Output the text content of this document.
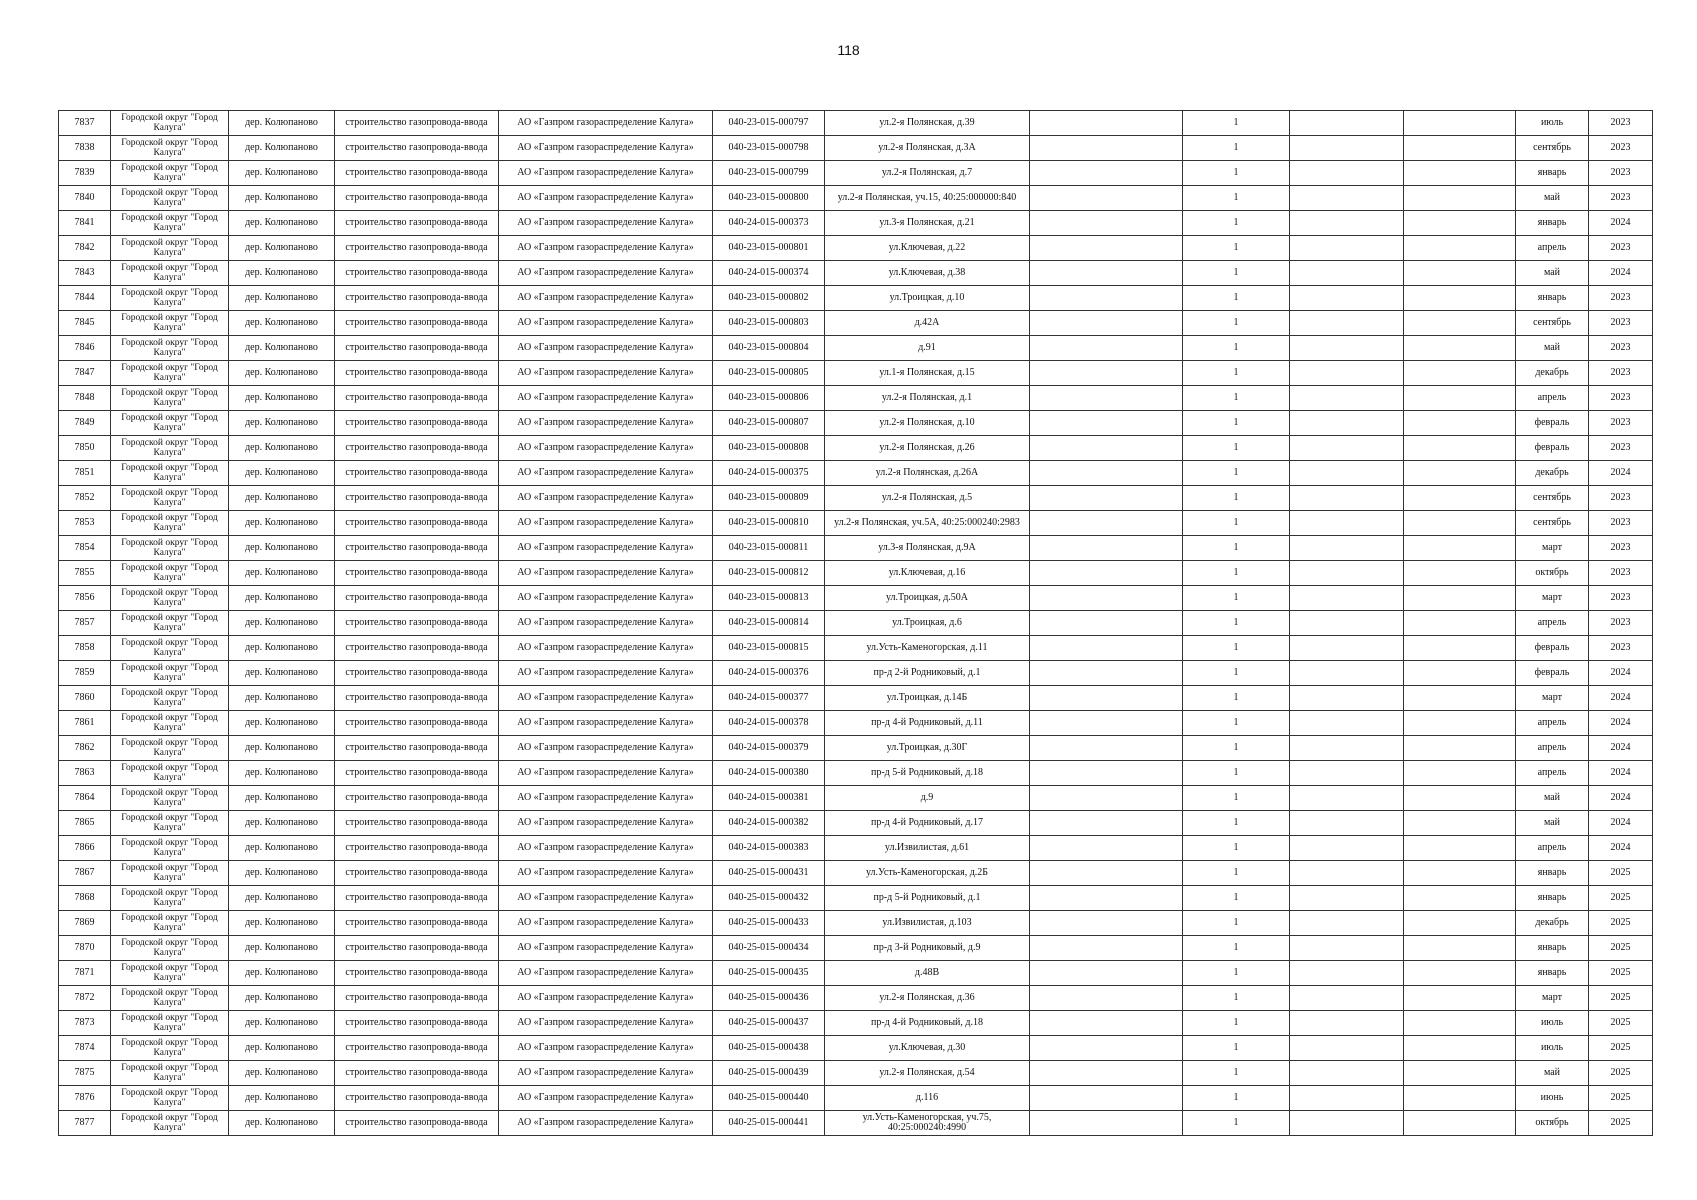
118
7837	Городской округ "Город Калуга"	дер. Колюпаново	строительство газопровода-ввода	АО «Газпром газораспределение Калуга»	040-23-015-000797	ул.2-я Полянская, д.39		1			июль	2023
7838	Городской округ "Город Калуга"	дер. Колюпаново	строительство газопровода-ввода	АО «Газпром газораспределение Калуга»	040-23-015-000798	ул.2-я Полянская, д.3А		1			сентябрь	2023
7839	Городской округ "Город Калуга"	дер. Колюпаново	строительство газопровода-ввода	АО «Газпром газораспределение Калуга»	040-23-015-000799	ул.2-я Полянская, д.7		1			январь	2023
7840	Городской округ "Город Калуга"	дер. Колюпаново	строительство газопровода-ввода	АО «Газпром газораспределение Калуга»	040-23-015-000800	ул.2-я Полянская, уч.15, 40:25:000000:840		1			май	2023
7841	Городской округ "Город Калуга"	дер. Колюпаново	строительство газопровода-ввода	АО «Газпром газораспределение Калуга»	040-24-015-000373	ул.3-я Полянская, д.21		1			январь	2024
7842	Городской округ "Город Калуга"	дер. Колюпаново	строительство газопровода-ввода	АО «Газпром газораспределение Калуга»	040-23-015-000801	ул.Ключевая, д.22		1			апрель	2023
7843	Городской округ "Город Калуга"	дер. Колюпаново	строительство газопровода-ввода	АО «Газпром газораспределение Калуга»	040-24-015-000374	ул.Ключевая, д.38		1			май	2024
7844	Городской округ "Город Калуга"	дер. Колюпаново	строительство газопровода-ввода	АО «Газпром газораспределение Калуга»	040-23-015-000802	ул.Троицкая, д.10		1			январь	2023
7845	Городской округ "Город Калуга"	дер. Колюпаново	строительство газопровода-ввода	АО «Газпром газораспределение Калуга»	040-23-015-000803	д.42А		1			сентябрь	2023
7846	Городской округ "Город Калуга"	дер. Колюпаново	строительство газопровода-ввода	АО «Газпром газораспределение Калуга»	040-23-015-000804	д.91		1			май	2023
7847	Городской округ "Город Калуга"	дер. Колюпаново	строительство газопровода-ввода	АО «Газпром газораспределение Калуга»	040-23-015-000805	ул.1-я Полянская, д.15		1			декабрь	2023
7848	Городской округ "Город Калуга"	дер. Колюпаново	строительство газопровода-ввода	АО «Газпром газораспределение Калуга»	040-23-015-000806	ул.2-я Полянская, д.1		1			апрель	2023
7849	Городской округ "Город Калуга"	дер. Колюпаново	строительство газопровода-ввода	АО «Газпром газораспределение Калуга»	040-23-015-000807	ул.2-я Полянская, д.10		1			февраль	2023
7850	Городской округ "Город Калуга"	дер. Колюпаново	строительство газопровода-ввода	АО «Газпром газораспределение Калуга»	040-23-015-000808	ул.2-я Полянская, д.26		1			февраль	2023
7851	Городской округ "Город Калуга"	дер. Колюпаново	строительство газопровода-ввода	АО «Газпром газораспределение Калуга»	040-24-015-000375	ул.2-я Полянская, д.26А		1			декабрь	2024
7852	Городской округ "Город Калуга"	дер. Колюпаново	строительство газопровода-ввода	АО «Газпром газораспределение Калуга»	040-23-015-000809	ул.2-я Полянская, д.5		1			сентябрь	2023
7853	Городской округ "Город Калуга"	дер. Колюпаново	строительство газопровода-ввода	АО «Газпром газораспределение Калуга»	040-23-015-000810	ул.2-я Полянская, уч.5А, 40:25:000240:2983		1			сентябрь	2023
7854	Городской округ "Город Калуга"	дер. Колюпаново	строительство газопровода-ввода	АО «Газпром газораспределение Калуга»	040-23-015-000811	ул.3-я Полянская, д.9А		1			март	2023
7855	Городской округ "Город Калуга"	дер. Колюпаново	строительство газопровода-ввода	АО «Газпром газораспределение Калуга»	040-23-015-000812	ул.Ключевая, д.16		1			октябрь	2023
7856	Городской округ "Город Калуга"	дер. Колюпаново	строительство газопровода-ввода	АО «Газпром газораспределение Калуга»	040-23-015-000813	ул.Троицкая, д.50А		1			март	2023
7857	Городской округ "Город Калуга"	дер. Колюпаново	строительство газопровода-ввода	АО «Газпром газораспределение Калуга»	040-23-015-000814	ул.Троицкая, д.6		1			апрель	2023
7858	Городской округ "Город Калуга"	дер. Колюпаново	строительство газопровода-ввода	АО «Газпром газораспределение Калуга»	040-23-015-000815	ул.Усть-Каменогорская, д.11		1			февраль	2023
7859	Городской округ "Город Калуга"	дер. Колюпаново	строительство газопровода-ввода	АО «Газпром газораспределение Калуга»	040-24-015-000376	пр-д 2-й Родниковый, д.1		1			февраль	2024
7860	Городской округ "Город Калуга"	дер. Колюпаново	строительство газопровода-ввода	АО «Газпром газораспределение Калуга»	040-24-015-000377	ул.Троицкая, д.14Б		1			март	2024
7861	Городской округ "Город Калуга"	дер. Колюпаново	строительство газопровода-ввода	АО «Газпром газораспределение Калуга»	040-24-015-000378	пр-д 4-й Родниковый, д.11		1			апрель	2024
7862	Городской округ "Город Калуга"	дер. Колюпаново	строительство газопровода-ввода	АО «Газпром газораспределение Калуга»	040-24-015-000379	ул.Троицкая, д.30Г		1			апрель	2024
7863	Городской округ "Город Калуга"	дер. Колюпаново	строительство газопровода-ввода	АО «Газпром газораспределение Калуга»	040-24-015-000380	пр-д 5-й Родниковый, д.18		1			апрель	2024
7864	Городской округ "Город Калуга"	дер. Колюпаново	строительство газопровода-ввода	АО «Газпром газораспределение Калуга»	040-24-015-000381	д.9		1			май	2024
7865	Городской округ "Город Калуга"	дер. Колюпаново	строительство газопровода-ввода	АО «Газпром газораспределение Калуга»	040-24-015-000382	пр-д 4-й Родниковый, д.17		1			май	2024
7866	Городской округ "Город Калуга"	дер. Колюпаново	строительство газопровода-ввода	АО «Газпром газораспределение Калуга»	040-24-015-000383	ул.Извилистая, д.61		1			апрель	2024
7867	Городской округ "Город Калуга"	дер. Колюпаново	строительство газопровода-ввода	АО «Газпром газораспределение Калуга»	040-25-015-000431	ул.Усть-Каменогорская, д.2Б		1			январь	2025
7868	Городской округ "Город Калуга"	дер. Колюпаново	строительство газопровода-ввода	АО «Газпром газораспределение Калуга»	040-25-015-000432	пр-д 5-й Родниковый, д.1		1			январь	2025
7869	Городской округ "Город Калуга"	дер. Колюпаново	строительство газопровода-ввода	АО «Газпром газораспределение Калуга»	040-25-015-000433	ул.Извилистая, д.103		1			декабрь	2025
7870	Городской округ "Город Калуга"	дер. Колюпаново	строительство газопровода-ввода	АО «Газпром газораспределение Калуга»	040-25-015-000434	пр-д 3-й Родниковый, д.9		1			январь	2025
7871	Городской округ "Город Калуга"	дер. Колюпаново	строительство газопровода-ввода	АО «Газпром газораспределение Калуга»	040-25-015-000435	д.48В		1			январь	2025
7872	Городской округ "Город Калуга"	дер. Колюпаново	строительство газопровода-ввода	АО «Газпром газораспределение Калуга»	040-25-015-000436	ул.2-я Полянская, д.36		1			март	2025
7873	Городской округ "Город Калуга"	дер. Колюпаново	строительство газопровода-ввода	АО «Газпром газораспределение Калуга»	040-25-015-000437	пр-д 4-й Родниковый, д.18		1			июль	2025
7874	Городской округ "Город Калуга"	дер. Колюпаново	строительство газопровода-ввода	АО «Газпром газораспределение Калуга»	040-25-015-000438	ул.Ключевая, д.30		1			июль	2025
7875	Городской округ "Город Калуга"	дер. Колюпаново	строительство газопровода-ввода	АО «Газпром газораспределение Калуга»	040-25-015-000439	ул.2-я Полянская, д.54		1			май	2025
7876	Городской округ "Город Калуга"	дер. Колюпаново	строительство газопровода-ввода	АО «Газпром газораспределение Калуга»	040-25-015-000440	д.116		1			июнь	2025
7877	Городской округ "Город Калуга"	дер. Колюпаново	строительство газопровода-ввода	АО «Газпром газораспределение Калуга»	040-25-015-000441	ул.Усть-Каменогорская, уч.75, 40:25:000240:4990		1			октябрь	2025
